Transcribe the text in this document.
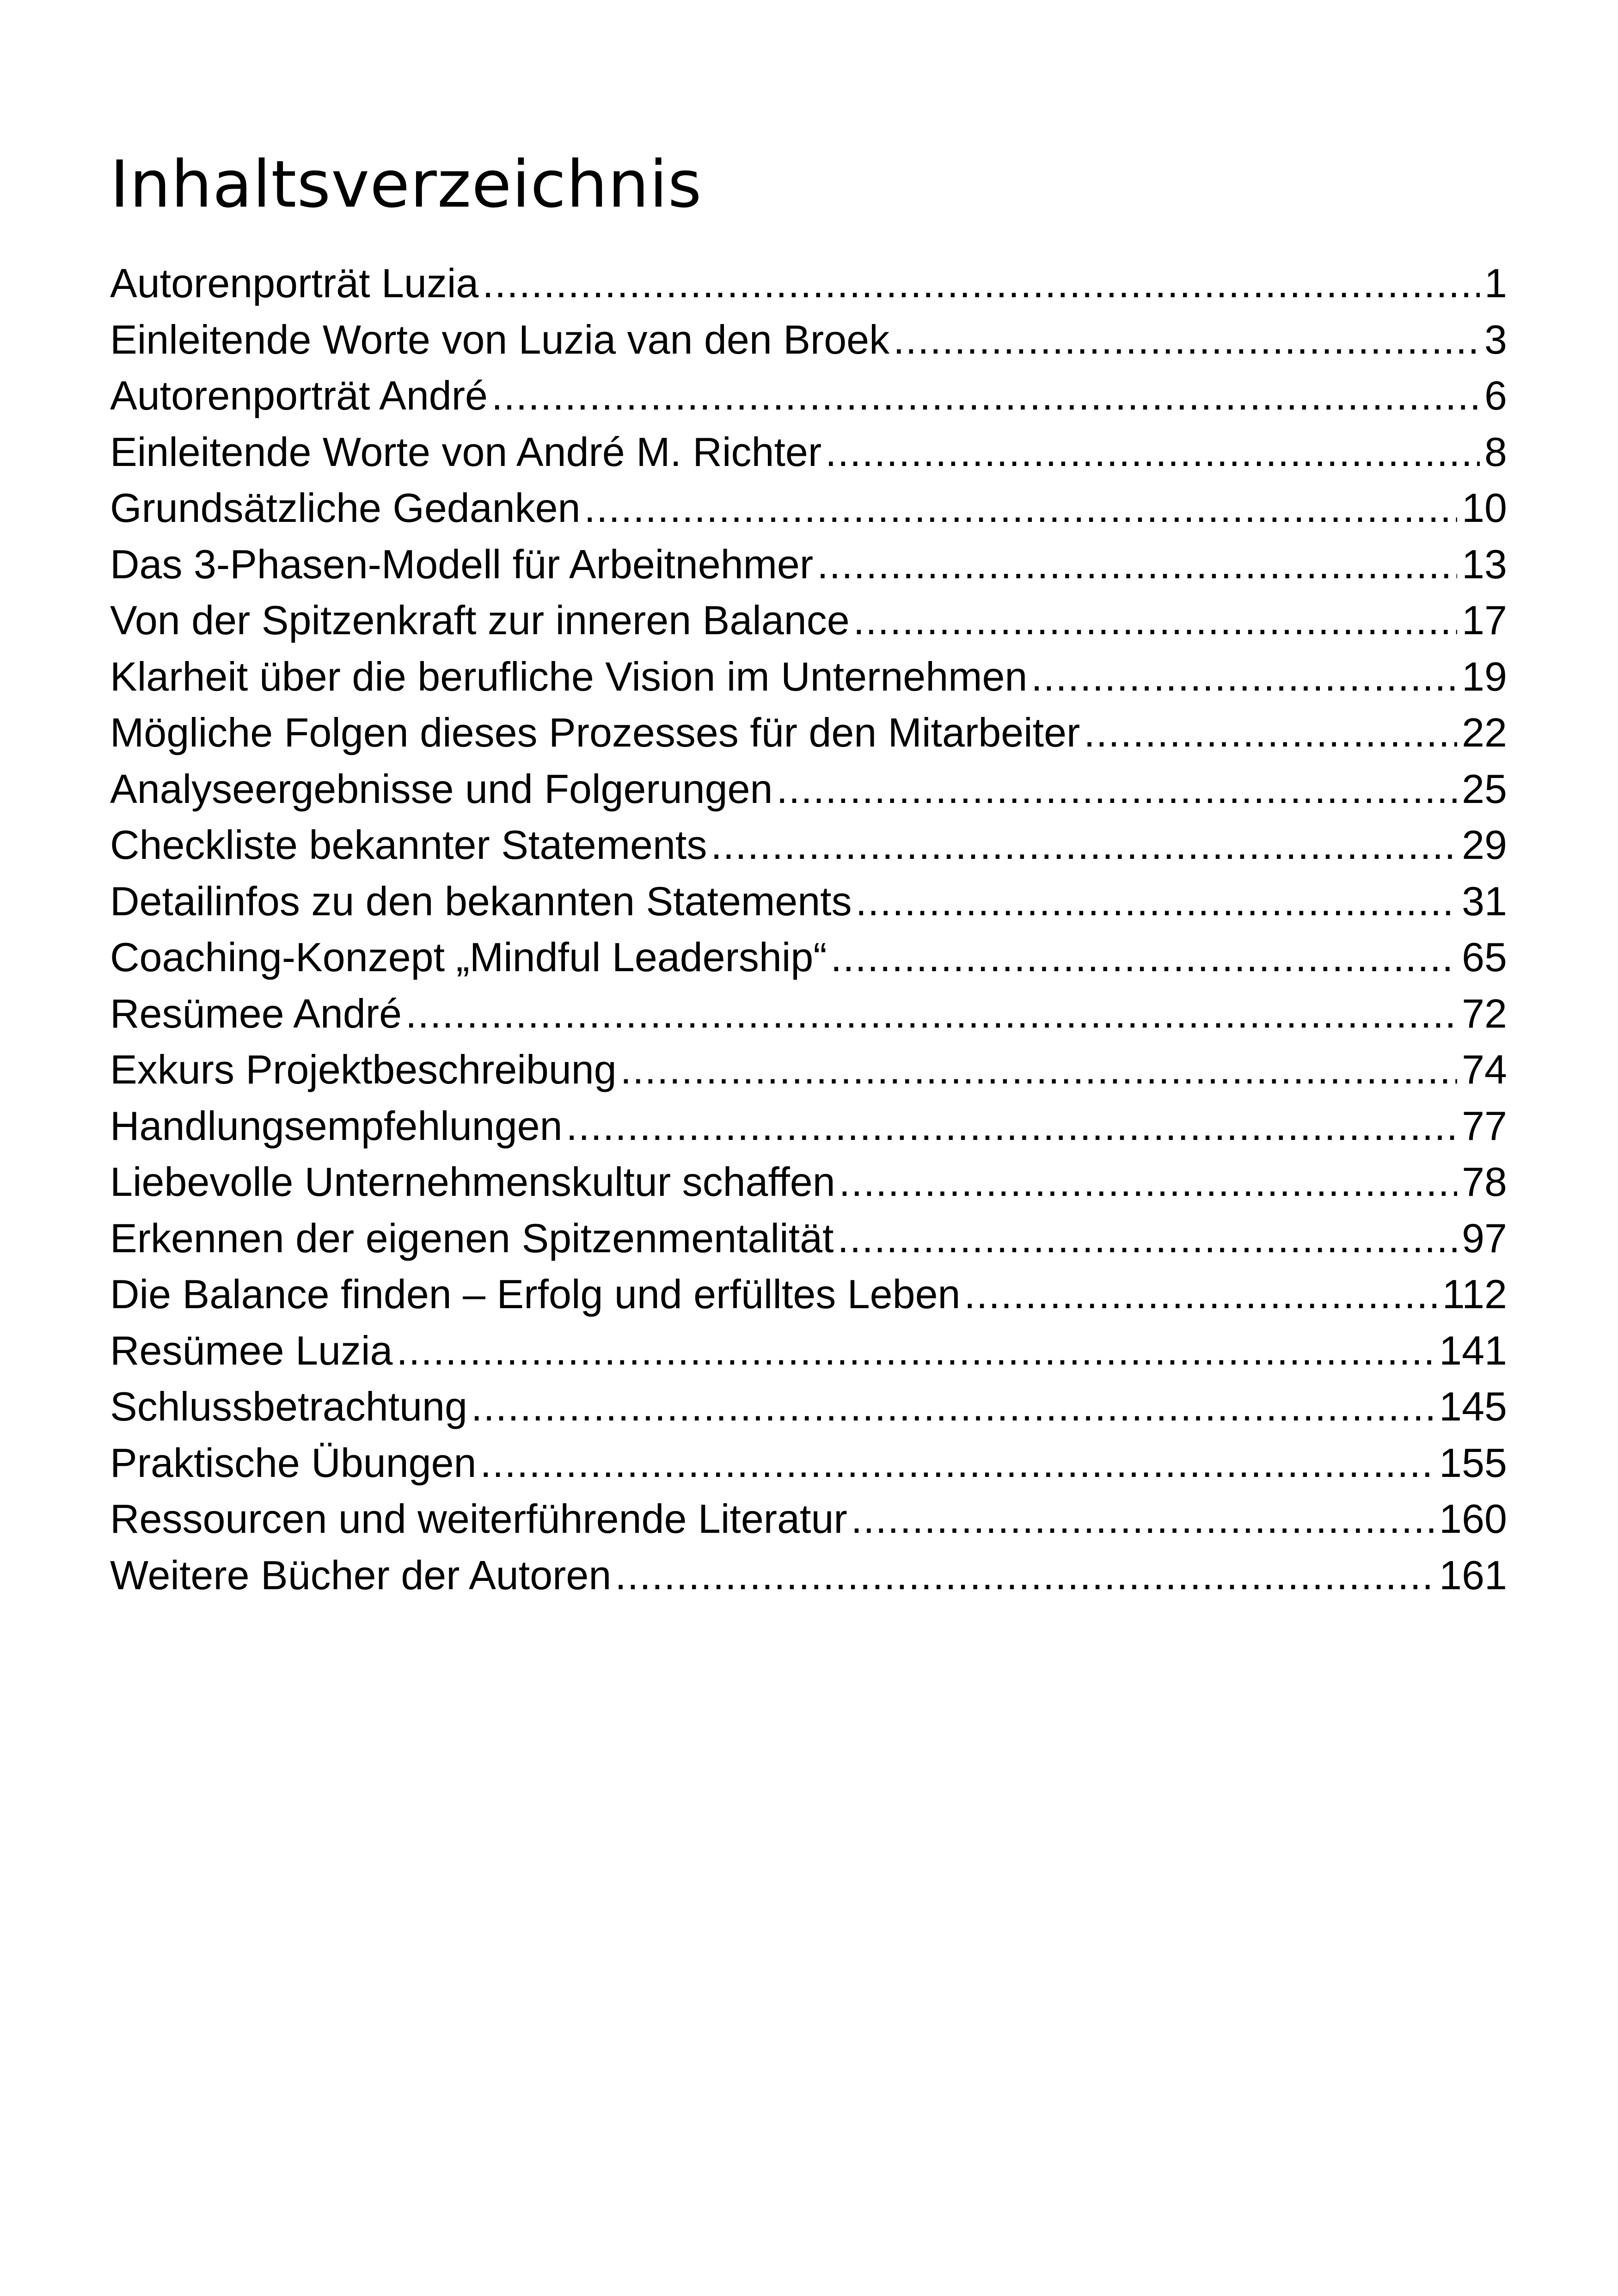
Inhaltsverzeichnis
Autorenporträt Luzia .....	1
Einleitende Worte von Luzia van den Broek .....	3
Autorenporträt André .....	6
Einleitende Worte von André M. Richter .....	8
Grundsätzliche Gedanken .....	10
Das 3-Phasen-Modell für Arbeitnehmer .....	13
Von der Spitzenkraft zur inneren Balance .....	17
Klarheit über die berufliche Vision im Unternehmen .....	19
Mögliche Folgen dieses Prozesses für den Mitarbeiter .....	22
Analyseergebnisse und Folgerungen .....	25
Checkliste bekannter Statements .....	29
Detailinfos zu den bekannten Statements .....	31
Coaching-Konzept „Mindful Leadership“ .....	65
Resümee André .....	72
Exkurs Projektbeschreibung .....	74
Handlungsempfehlungen .....	77
Liebevolle Unternehmenskultur schaffen .....	78
Erkennen der eigenen Spitzenmentalität .....	97
Die Balance finden – Erfolg und erfülltes Leben .....	112
Resümee Luzia .....	141
Schlussbetrachtung .....	145
Praktische Übungen .....	155
Ressourcen und weiterführende Literatur .....	160
Weitere Bücher der Autoren .....	161
